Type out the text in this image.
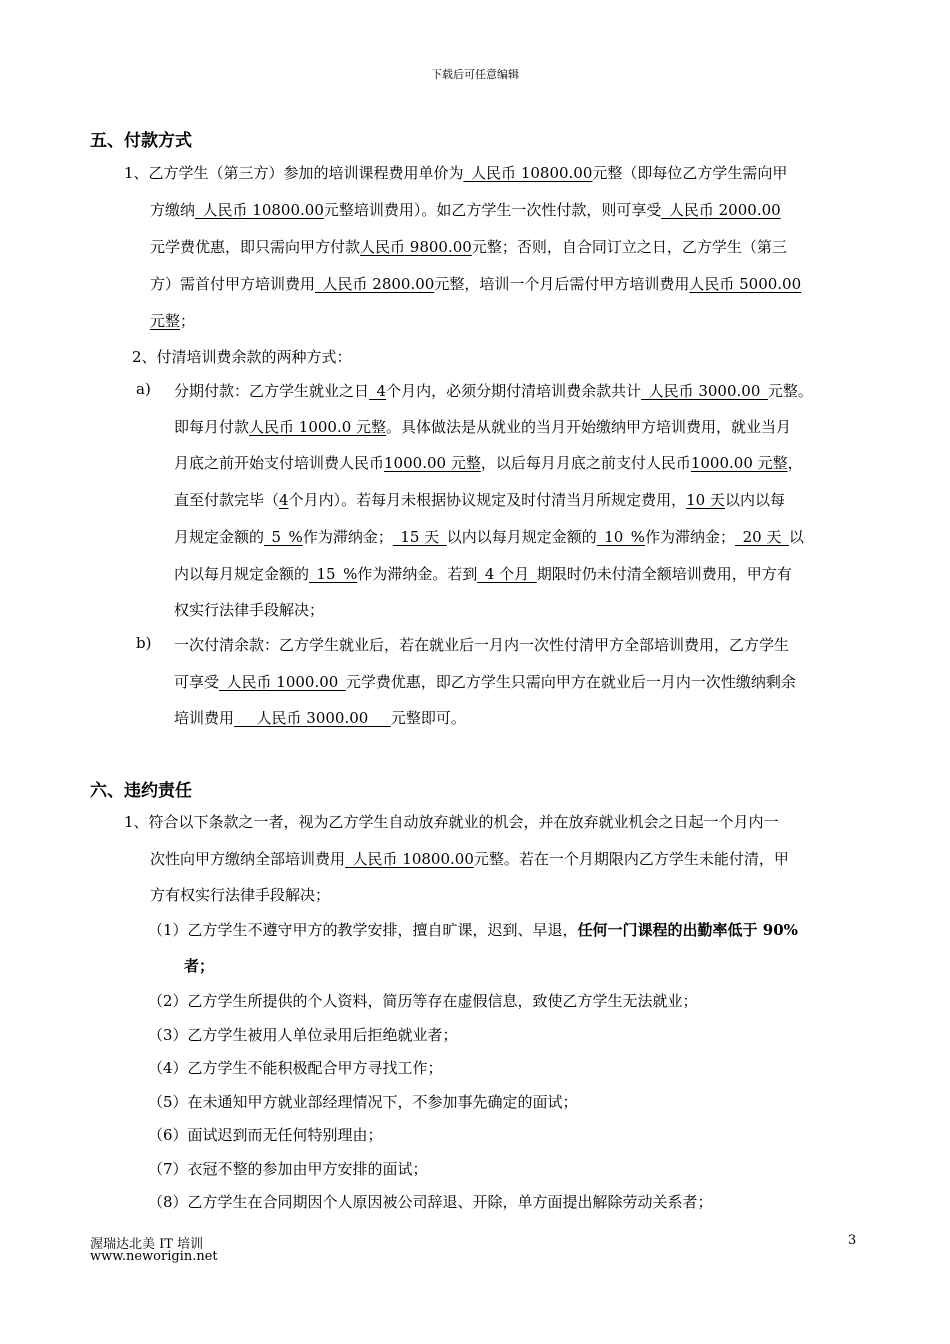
下载后可任意编辑
五、付款方式
1、乙方学生（第三方）参加的培训课程费用单价为_人民币 10800.00元整（即每位乙方学生需向甲
方缴纳_人民币 10800.00元整培训费用）。如乙方学生一次性付款，则可享受_人民币 2000.00
元学费优惠，即只需向甲方付款人民币 9800.00元整；否则，自合同订立之日，乙方学生（第三
方）需首付甲方培训费用_人民币 2800.00元整，培训一个月后需付甲方培训费用人民币 5000.00
元整；
2、付清培训费余款的两种方式：
a) 分期付款：乙方学生就业之日_4个月内，必须分期付清培训费余款共计_人民币 3000.00_元整。
即每月付款人民币 1000.0 元整。具体做法是从就业的当月开始缴纳甲方培训费用，就业当月
月底之前开始支付培训费人民币1000.00 元整，以后每月月底之前支付人民币1000.00 元整，
直至付款完毕（4个月内）。若每月未根据协议规定及时付清当月所规定费用，10 天以内以每
月规定金额的_5_%作为滞纳金；_15 天_以内以每月规定金额的_10_%作为滞纳金；_20 天_以
内以每月规定金额的_15_%作为滞纳金。若到_4 个月_期限时仍未付清全额培训费用，甲方有
权实行法律手段解决；
b) 一次付清余款：乙方学生就业后，若在就业后一月内一次性付清甲方全部培训费用，乙方学生
可享受_人民币 1000.00_元学费优惠，即乙方学生只需向甲方在就业后一月内一次性缴纳剩余
培训费用___人民币 3000.00___元整即可。
六、违约责任
1、符合以下条款之一者，视为乙方学生自动放弃就业的机会，并在放弃就业机会之日起一个月内一
次性向甲方缴纳全部培训费用_人民币 10800.00元整。若在一个月期限内乙方学生未能付清，甲
方有权实行法律手段解决；
（1）乙方学生不遵守甲方的教学安排，擅自旷课，迟到、早退，任何一门课程的出勤率低于 90%
者；
（2）乙方学生所提供的个人资料，简历等存在虚假信息，致使乙方学生无法就业；
（3）乙方学生被用人单位录用后拒绝就业者；
（4）乙方学生不能积极配合甲方寻找工作；
（5）在未通知甲方就业部经理情况下，不参加事先确定的面试；
（6）面试迟到而无任何特别理由；
（7）衣冠不整的参加由甲方安排的面试；
（8）乙方学生在合同期因个人原因被公司辞退、开除，单方面提出解除劳动关系者；
渥瑞达北美 IT 培训
www.neworigin.net
3
